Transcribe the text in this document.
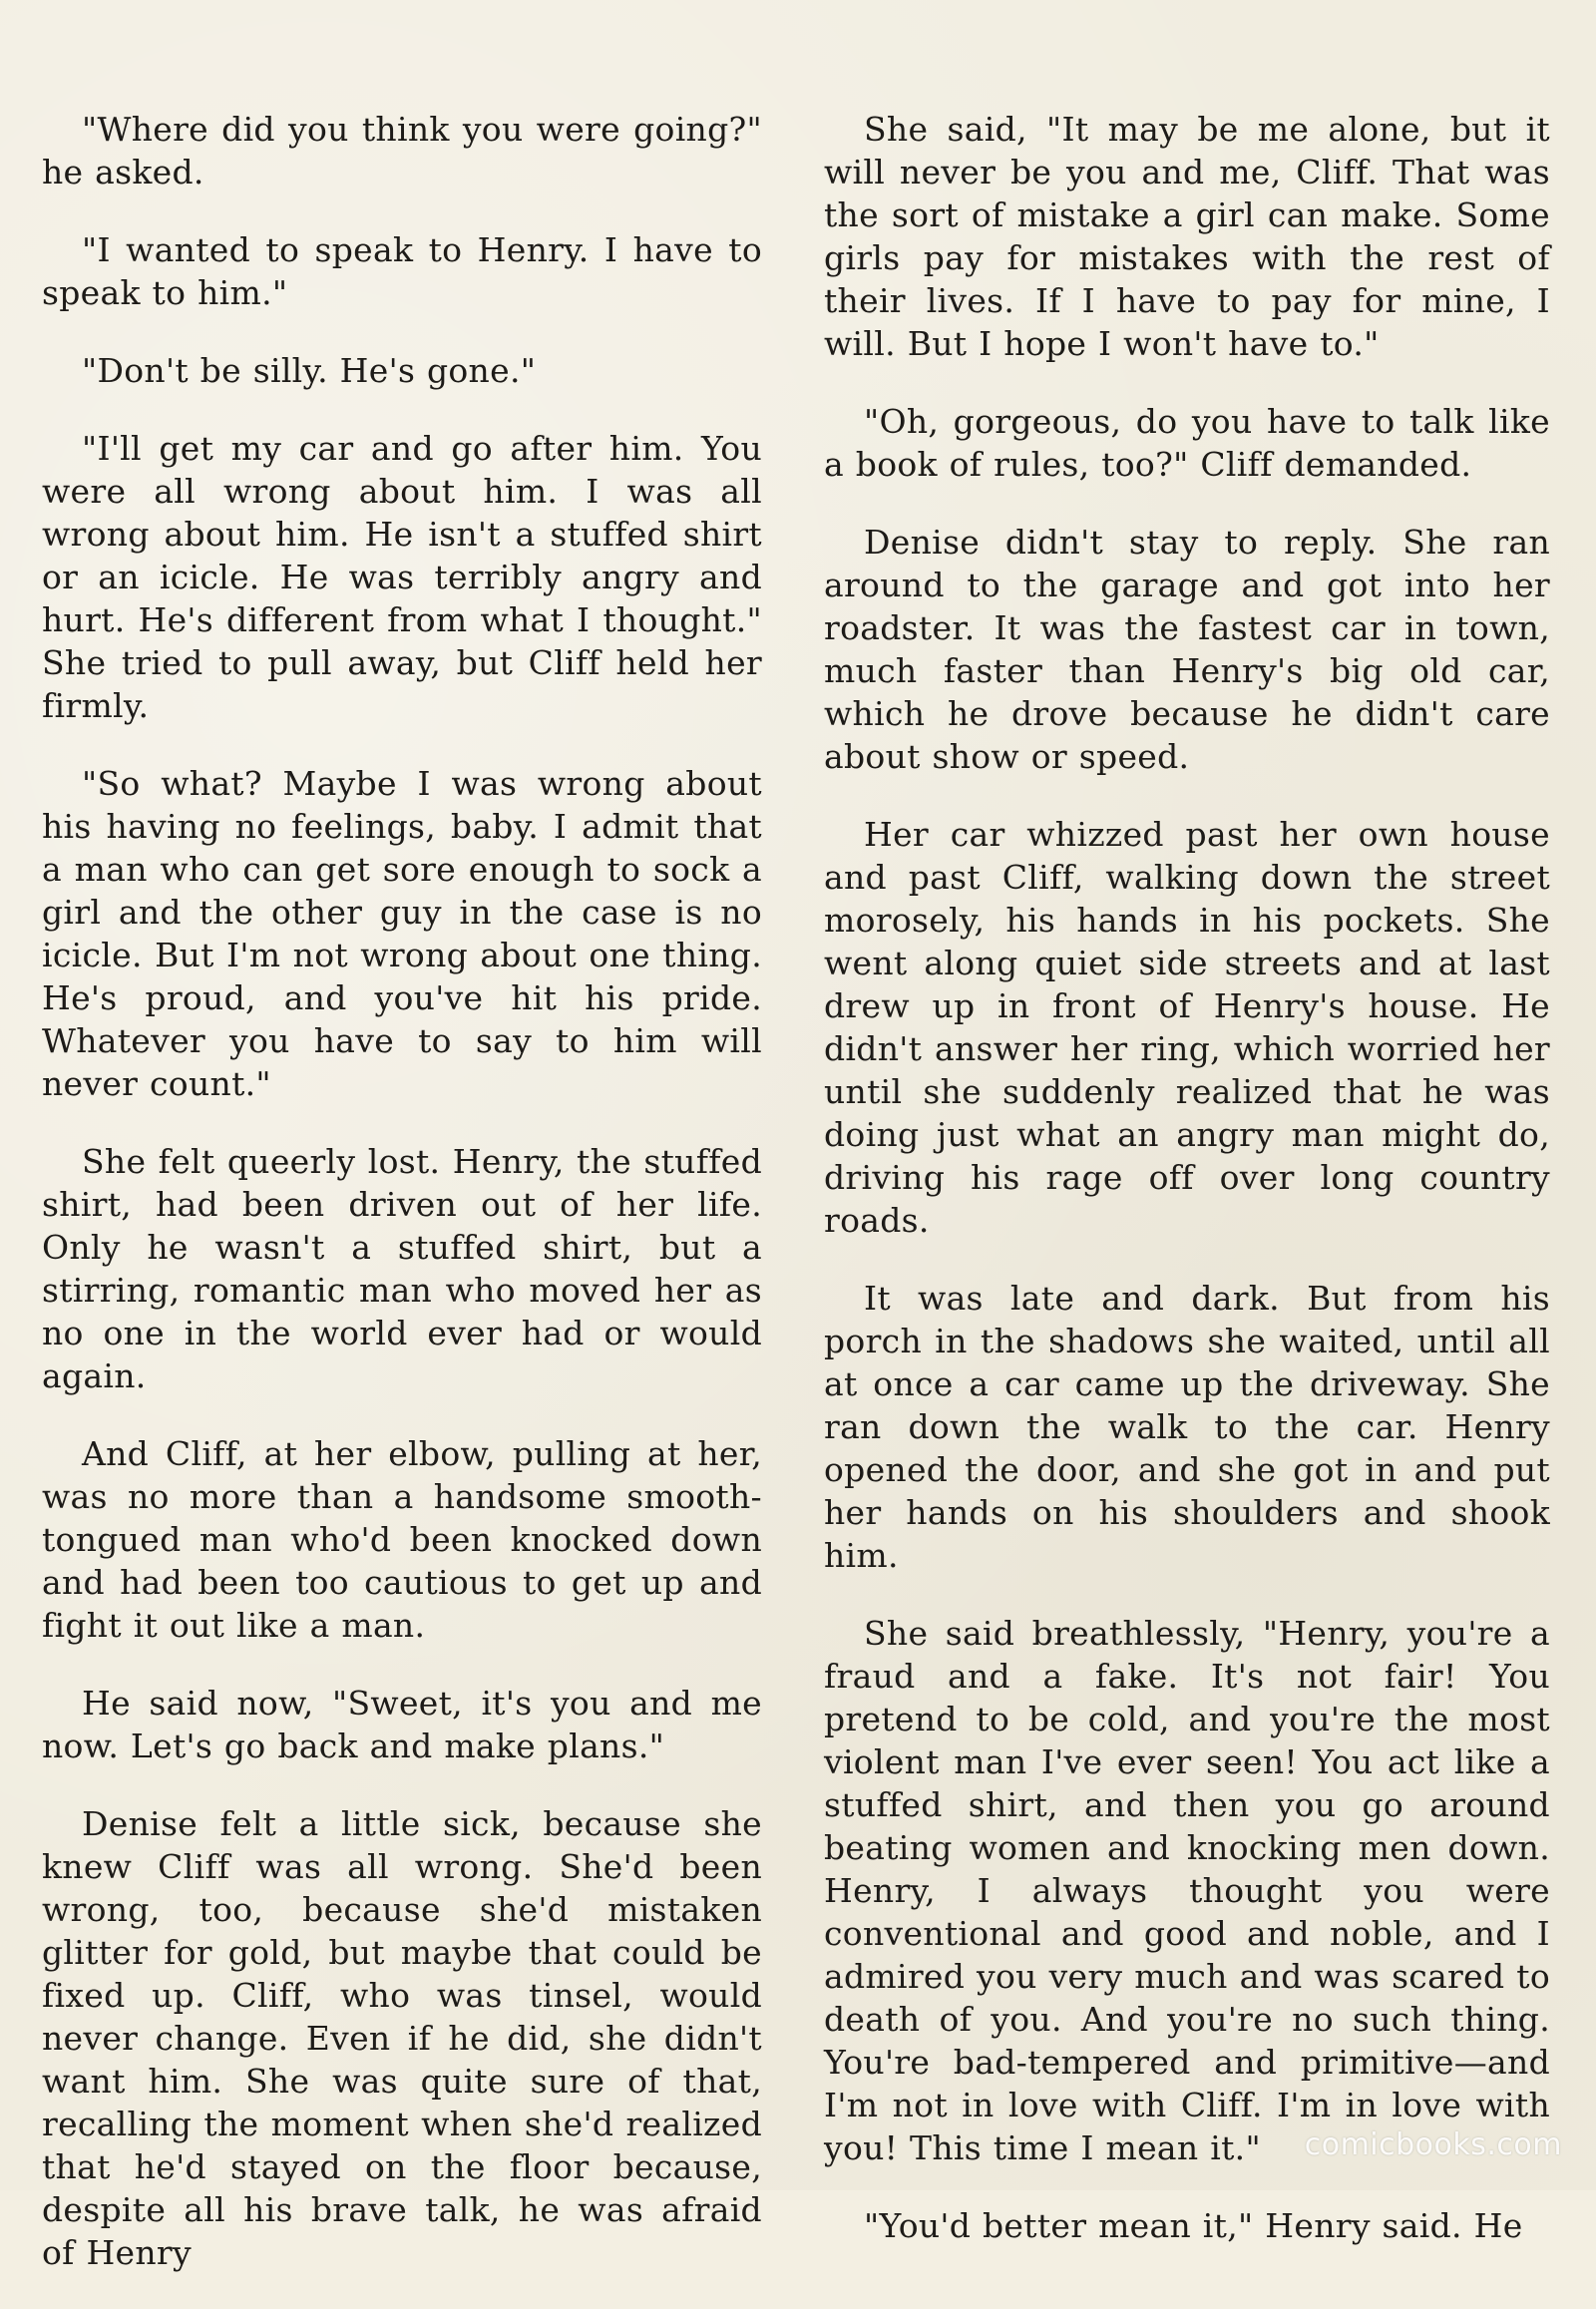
"Where did you think you were going?" he asked.

"I wanted to speak to Henry. I have to speak to him."

"Don't be silly. He's gone."

"I'll get my car and go after him. You were all wrong about him. I was all wrong about him. He isn't a stuffed shirt or an icicle. He was terribly angry and hurt. He's different from what I thought." She tried to pull away, but Cliff held her firmly.

"So what? Maybe I was wrong about his having no feelings, baby. I admit that a man who can get sore enough to sock a girl and the other guy in the case is no icicle. But I'm not wrong about one thing. He's proud, and you've hit his pride. Whatever you have to say to him will never count."

She felt queerly lost. Henry, the stuffed shirt, had been driven out of her life. Only he wasn't a stuffed shirt, but a stirring, romantic man who moved her as no one in the world ever had or would again.

And Cliff, at her elbow, pulling at her, was no more than a handsome smooth-tongued man who'd been knocked down and had been too cautious to get up and fight it out like a man.

He said now, "Sweet, it's you and me now. Let's go back and make plans."

Denise felt a little sick, because she knew Cliff was all wrong. She'd been wrong, too, because she'd mistaken glitter for gold, but maybe that could be fixed up. Cliff, who was tinsel, would never change. Even if he did, she didn't want him. She was quite sure of that, recalling the moment when she'd realized that he'd stayed on the floor because, despite all his brave talk, he was afraid of Henry

She said, "It may be me alone, but it will never be you and me, Cliff. That was the sort of mistake a girl can make. Some girls pay for mistakes with the rest of their lives. If I have to pay for mine, I will. But I hope I won't have to."

"Oh, gorgeous, do you have to talk like a book of rules, too?" Cliff demanded.

Denise didn't stay to reply. She ran around to the garage and got into her roadster. It was the fastest car in town, much faster than Henry's big old car, which he drove because he didn't care about show or speed.

Her car whizzed past her own house and past Cliff, walking down the street morosely, his hands in his pockets. She went along quiet side streets and at last drew up in front of Henry's house. He didn't answer her ring, which worried her until she suddenly realized that he was doing just what an angry man might do, driving his rage off over long country roads.

It was late and dark. But from his porch in the shadows she waited, until all at once a car came up the driveway. She ran down the walk to the car. Henry opened the door, and she got in and put her hands on his shoulders and shook him.

She said breathlessly, "Henry, you're a fraud and a fake. It's not fair! You pretend to be cold, and you're the most violent man I've ever seen! You act like a stuffed shirt, and then you go around beating women and knocking men down. Henry, I always thought you were conventional and good and noble, and I admired you very much and was scared to death of you. And you're no such thing. You're bad-tempered and primitive—and I'm not in love with Cliff. I'm in love with you! This time I mean it."

"You'd better mean it," Henry said. He

comicbooks.com
